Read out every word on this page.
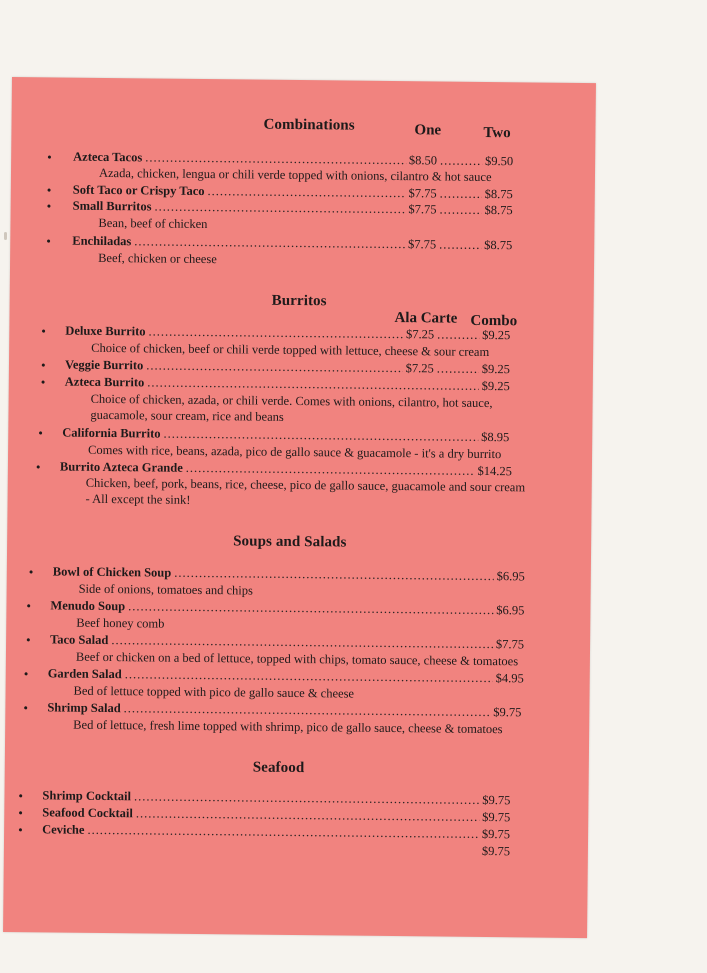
Combinations	One	Two
• Azteca Tacos .....	$8.50 .....	$9.50
Azada, chicken, lengua or chili verde topped with onions, cilantro & hot sauce
• Soft Taco or Crispy Taco .....	$7.75 .....	$8.75
• Small Burritos .....	$7.75 .....	$8.75
Bean, beef of chicken
• Enchiladas .....	$7.75 .....	$8.75
Beef, chicken or cheese
Burritos
Ala Carte Combo
• Deluxe Burrito .....	$7.25 .....	$9.25
Choice of chicken, beef or chili verde topped with lettuce, cheese & sour cream
• Veggie Burrito .....	$7.25 .....	$9.25
• Azteca Burrito .....	$9.25
Choice of chicken, azada, or chili verde. Comes with onions, cilantro, hot sauce,
guacamole, sour cream, rice and beans
• California Burrito .....	$8.95
Comes with rice, beans, azada, pico de gallo sauce & guacamole - it's a dry burrito
• Burrito Azteca Grande .....	$14.25
Chicken, beef, pork, beans, rice, cheese, pico de gallo sauce, guacamole and sour cream
- All except the sink!
Soups and Salads
• Bowl of Chicken Soup .....	$6.95
Side of onions, tomatoes and chips
• Menudo Soup .....	$6.95
Beef honey comb
• Taco Salad .....	$7.75
Beef or chicken on a bed of lettuce, topped with chips, tomato sauce, cheese & tomatoes
• Garden Salad .....	$4.95
Bed of lettuce topped with pico de gallo sauce & cheese
• Shrimp Salad .....	$9.75
Bed of lettuce, fresh lime topped with shrimp, pico de gallo sauce, cheese & tomatoes
Seafood
• Shrimp Cocktail .....	$9.75
• Seafood Cocktail .....	$9.75
• Ceviche .....	$9.75
$9.75
